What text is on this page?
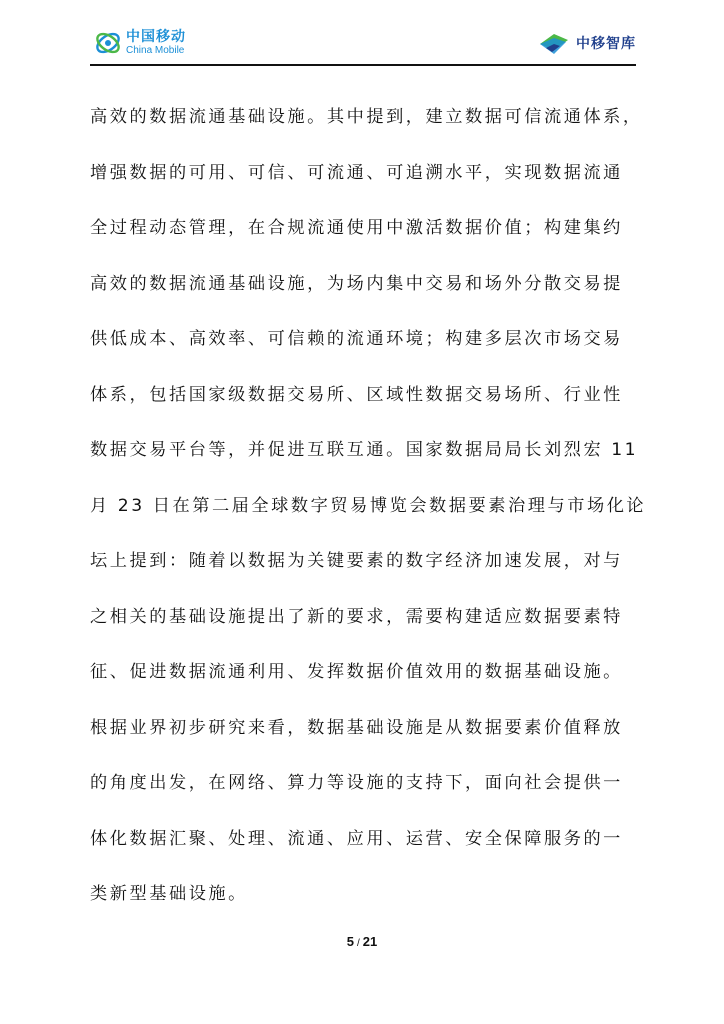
中国移动
China Mobile	中移智库
高效的数据流通基础设施。其中提到，建立数据可信流通体系，
增强数据的可用、可信、可流通、可追溯水平，实现数据流通
全过程动态管理，在合规流通使用中激活数据价值；构建集约
高效的数据流通基础设施，为场内集中交易和场外分散交易提
供低成本、高效率、可信赖的流通环境；构建多层次市场交易
体系，包括国家级数据交易所、区域性数据交易场所、行业性
数据交易平台等，并促进互联互通。国家数据局局长刘烈宏 11
月 23 日在第二届全球数字贸易博览会数据要素治理与市场化论
坛上提到：随着以数据为关键要素的数字经济加速发展，对与
之相关的基础设施提出了新的要求，需要构建适应数据要素特
征、促进数据流通利用、发挥数据价值效用的数据基础设施。
根据业界初步研究来看，数据基础设施是从数据要素价值释放
的角度出发，在网络、算力等设施的支持下，面向社会提供一
体化数据汇聚、处理、流通、应用、运营、安全保障服务的一
类新型基础设施。
5 / 21
